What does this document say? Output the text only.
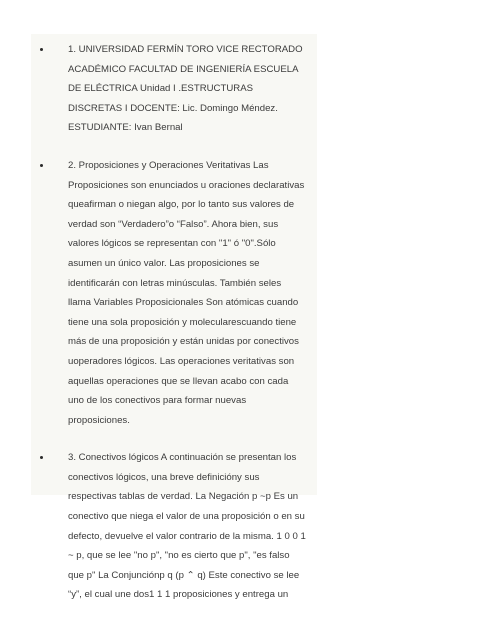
1. UNIVERSIDAD FERMÍN TORO VICE RECTORADO
ACADÉMICO FACULTAD DE INGENIERÍA ESCUELA
DE ELÉCTRICA Unidad I .ESTRUCTURAS
DISCRETAS I DOCENTE: Lic. Domingo Méndez.
ESTUDIANTE: Ivan Bernal
2. Proposiciones y Operaciones Veritativas Las
Proposiciones son enunciados u oraciones declarativas
queafirman o niegan algo, por lo tanto sus valores de
verdad son “Verdadero”o “Falso”. Ahora bien, sus
valores lógicos se representan con "1" ó "0".Sólo
asumen un único valor. Las proposiciones se
identificarán con letras minúsculas. También seles
llama Variables Proposicionales Son atómicas cuando
tiene una sola proposición y molecularescuando tiene
más de una proposición y están unidas por conectivos
uoperadores lógicos. Las operaciones veritativas son
aquellas operaciones que se llevan acabo con cada
uno de los conectivos para formar nuevas
proposiciones.
3. Conectivos lógicos A continuación se presentan los
conectivos lógicos, una breve definicióny sus
respectivas tablas de verdad. La Negación p ~p Es un
conectivo que niega el valor de una proposición o en su
defecto, devuelve el valor contrario de la misma. 1 0 0 1
~ p, que se lee "no p", "no es cierto que p", "es falso
que p" La Conjunciónp q (p ⌃ q) Este conectivo se lee
“y”, el cual une dos1 1 1 proposiciones y entrega un
